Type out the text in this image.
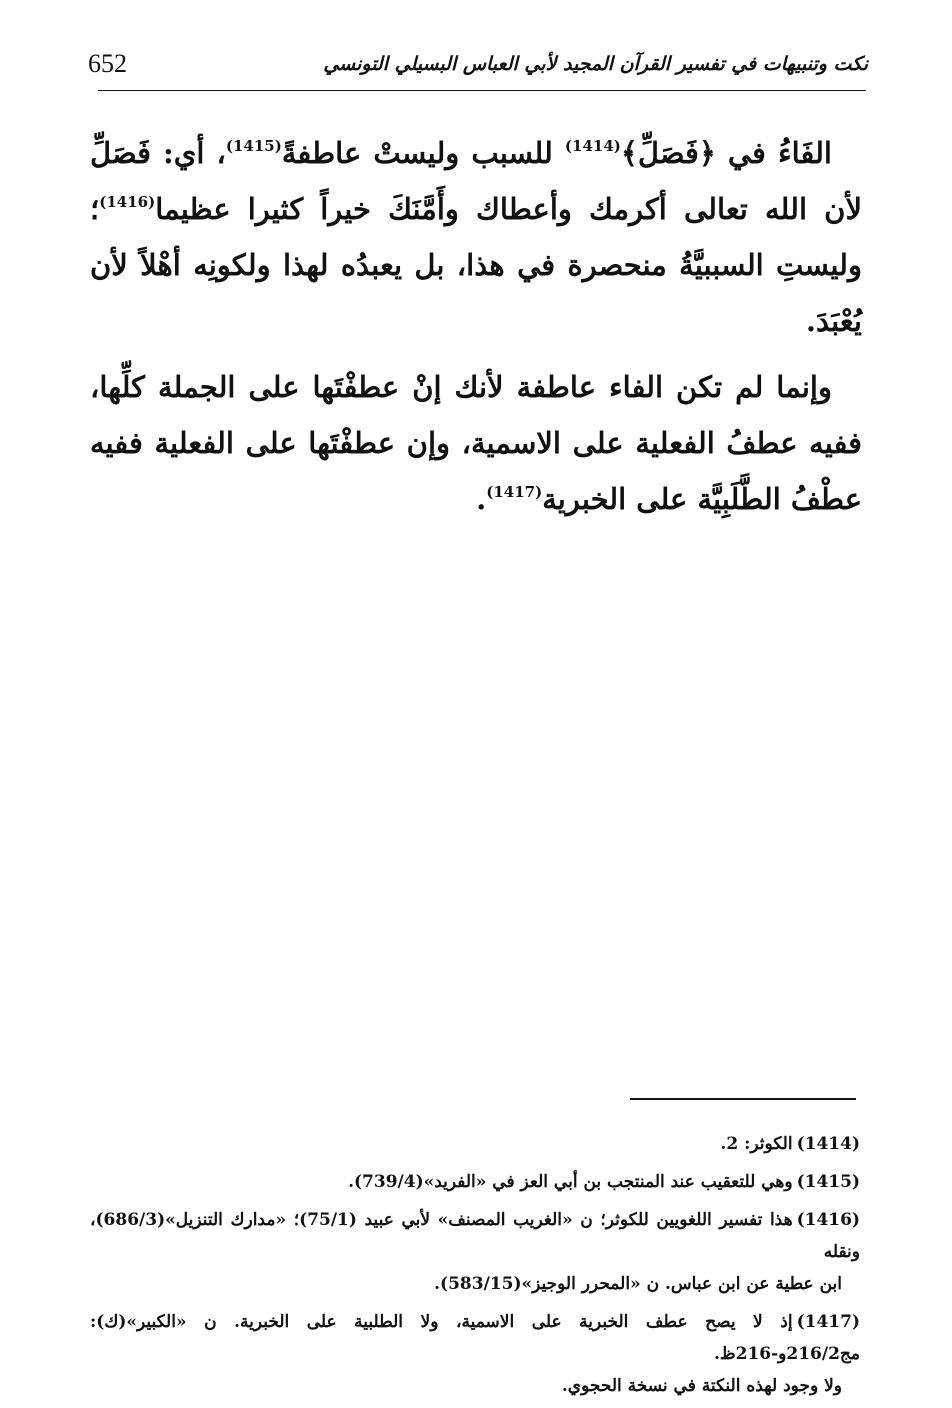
652	نكت وتنبيهات في تفسير القرآن المجيد لأبي العباس البسيلي التونسي

الفَاءُ في ﴿فَصَلِّ﴾$^{(1414)}$ للسبب وليستْ عاطفةً$^{(1415)}$، أي: فَصَلِّ لأن الله تعالى أكرمك وأعطاك وأَمَّنَكَ خيراً كثيرا عظيما$^{(1416)}$؛ وليستِ السببيَّةُ منحصرة في هذا، بل يعبدُه لهذا ولكونِه أهْلاً لأن يُعْبَدَ.

وإنما لم تكن الفاء عاطفة لأنك إنْ عطفْتَها على الجملة كلِّها، ففيه عطفُ الفعلية على الاسمية، وإن عطفْتَها على الفعلية ففيه عطْفُ الطَّلَبِيَّة على الخبرية$^{(1417)}$.

(1414)الكوثر: 2.
(1415)وهي للتعقيب عند المنتجب بن أبي العز في «الفريد»(739/4).
(1416)هذا تفسير اللغويين للكوثر؛ ن «الغريب المصنف» لأبي عبيد (75/1)؛ «مدارك التنزيل»(686/3)، ونقله
ابن عطية عن ابن عباس. ن «المحرر الوجيز»(583/15).
(1417)إذ لا يصح عطف الخبرية على الاسمية، ولا الطلبية على الخبرية. ن «الكبير»(ك): مج216/2و-216ظ.
ولا وجود لهذه النكتة في نسخة الحجوي.
